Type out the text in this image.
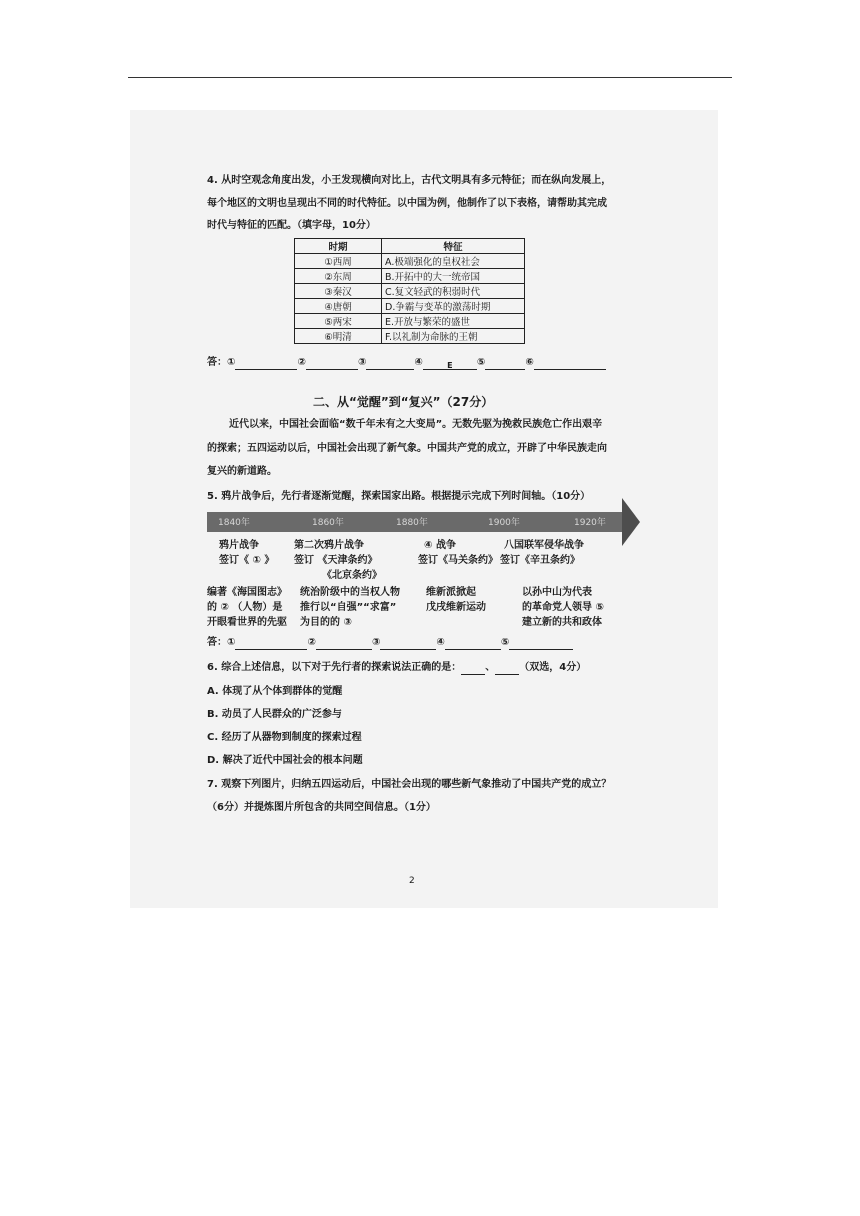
4. 从时空观念角度出发，小王发现横向对比上，古代文明具有多元特征；而在纵向发展上，
每个地区的文明也呈现出不同的时代特征。以中国为例，他制作了以下表格，请帮助其完成
时代与特征的匹配。（填字母，10分）
时期	特征
①西周	A.极端强化的皇权社会
②东周	B.开拓中的大一统帝国
③秦汉	C.复文轻武的积弱时代
④唐朝	D.争霸与变革的激荡时期
⑤两宋	E.开放与繁荣的盛世
⑥明清	F.以礼制为命脉的王朝
答：①	②	③	④	E ⑤	⑥
二、从“觉醒”到“复兴”（27分）
近代以来，中国社会面临“数千年未有之大变局”。无数先驱为挽救民族危亡作出艰辛
的探索；五四运动以后，中国社会出现了新气象。中国共产党的成立，开辟了中华民族走向
复兴的新道路。
5. 鸦片战争后，先行者逐渐觉醒，探索国家出路。根据提示完成下列时间轴。（10分）
1840年	1860年	1880年	1900年	1920年
鸦片战争
签订《 ① 》
第二次鸦片战争
签订 《天津条约》
《北京条约》
④ 战争
签订《马关条约》
八国联军侵华战争
签订《辛丑条约》
编著《海国图志》
的 ② （人物）是
开眼看世界的先驱
统治阶级中的当权人物
推行以“自强”“求富”
为目的的 ③
维新派掀起
戊戌维新运动
以孙中山为代表
的革命党人领导 ⑤
建立新的共和政体
答：①	②	③	④	⑤
6. 综合上述信息，以下对于先行者的探索说法正确的是： 、 （双选，4分）
A. 体现了从个体到群体的觉醒
B. 动员了人民群众的广泛参与
C. 经历了从器物到制度的探索过程
D. 解决了近代中国社会的根本问题
7. 观察下列图片，归纳五四运动后，中国社会出现的哪些新气象推动了中国共产党的成立？
（6分）并提炼图片所包含的共同空间信息。（1分）
2
